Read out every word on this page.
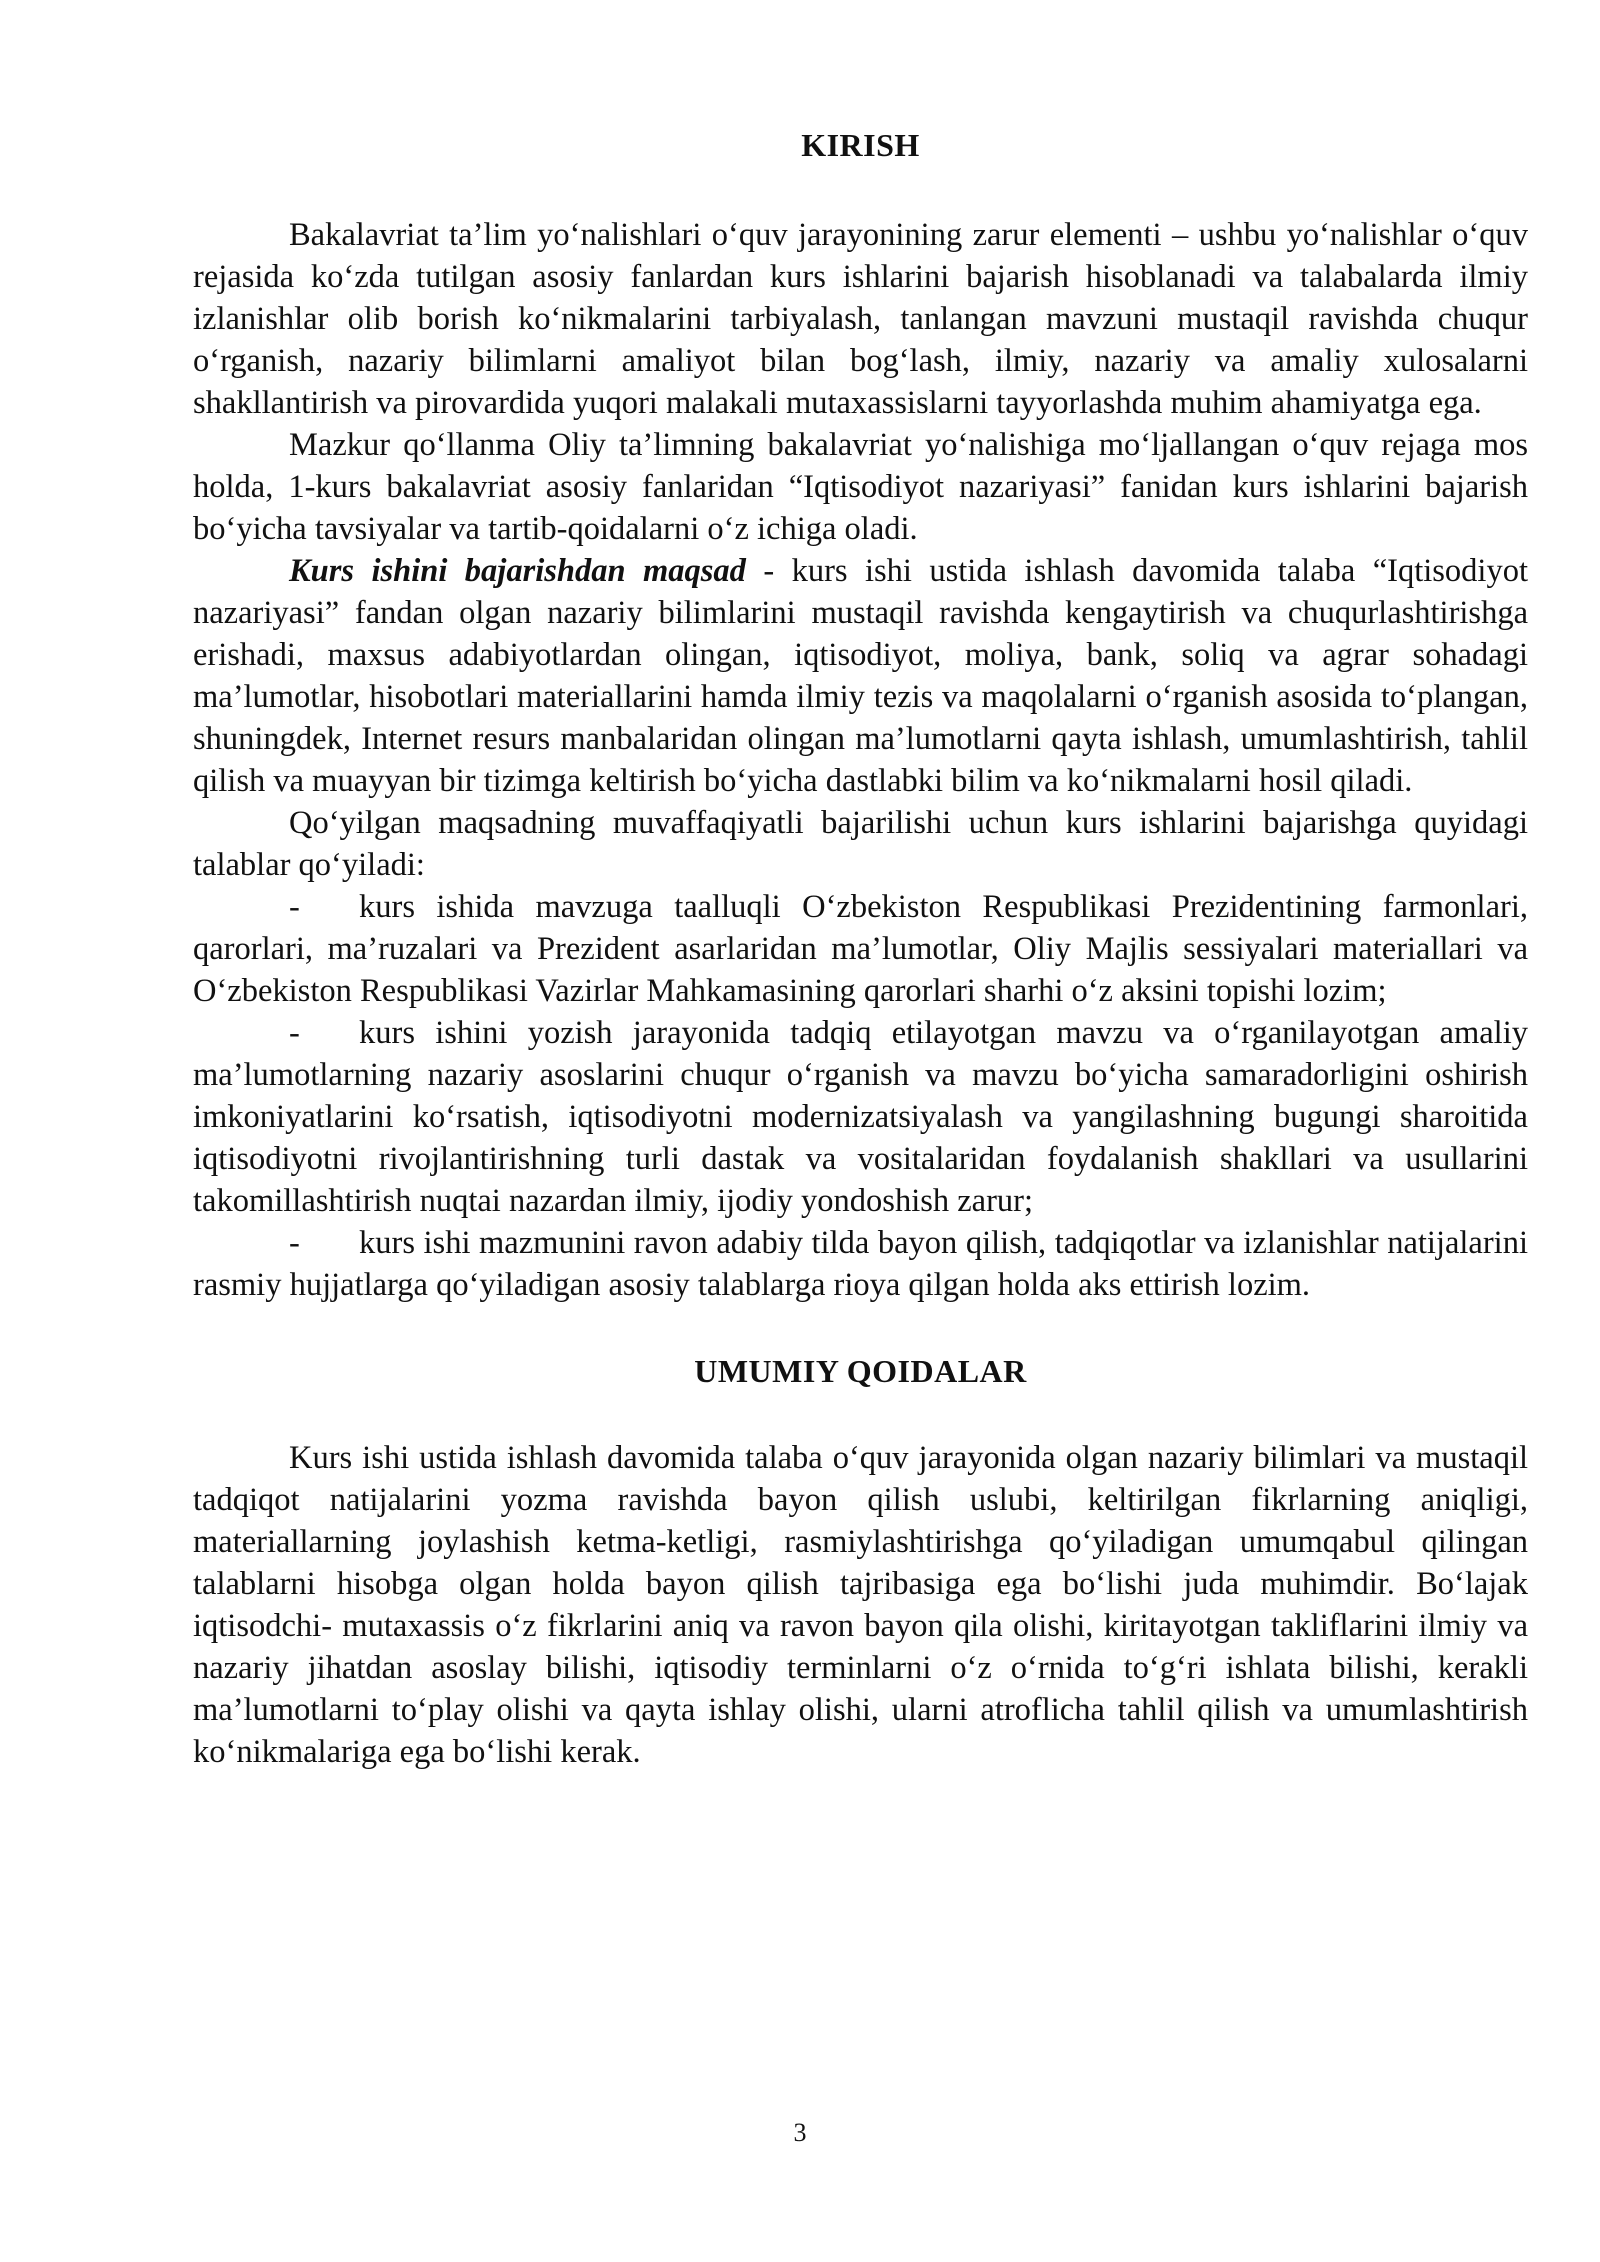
KIRISH

Bakalavriat ta’lim yo‘nalishlari o‘quv jarayonining zarur elementi – ushbu yo‘nalishlar o‘quv rejasida ko‘zda tutilgan asosiy fanlardan kurs ishlarini bajarish hisoblanadi va talabalarda ilmiy izlanishlar olib borish ko‘nikmalarini tarbiyalash, tanlangan mavzuni mustaqil ravishda chuqur o‘rganish, nazariy bilimlarni amaliyot bilan bog‘lash, ilmiy, nazariy va amaliy xulosalarni shakllantirish va pirovardida yuqori malakali mutaxassislarni tayyorlashda muhim ahamiyatga ega.

Mazkur qo‘llanma Oliy ta’limning bakalavriat yo‘nalishiga mo‘ljallangan o‘quv rejaga mos holda, 1-kurs bakalavriat asosiy fanlaridan “Iqtisodiyot nazariyasi” fanidan kurs ishlarini bajarish bo‘yicha tavsiyalar va tartib-qoidalarni o‘z ichiga oladi.

Kurs ishini bajarishdan maqsad - kurs ishi ustida ishlash davomida talaba “Iqtisodiyot nazariyasi” fandan olgan nazariy bilimlarini mustaqil ravishda kengaytirish va chuqurlashtirishga erishadi, maxsus adabiyotlardan olingan, iqtisodiyot, moliya, bank, soliq va agrar sohadagi ma’lumotlar, hisobotlari materiallarini hamda ilmiy tezis va maqolalarni o‘rganish asosida to‘plangan, shuningdek, Internet resurs manbalaridan olingan ma’lumotlarni qayta ishlash, umumlashtirish, tahlil qilish va muayyan bir tizimga keltirish bo‘yicha dastlabki bilim va ko‘nikmalarni hosil qiladi.

Qo‘yilgan maqsadning muvaffaqiyatli bajarilishi uchun kurs ishlarini bajarishga quyidagi talablar qo‘yiladi:

- kurs ishida mavzuga taalluqli O‘zbekiston Respublikasi Prezidentining farmonlari, qarorlari, ma’ruzalari va Prezident asarlaridan ma’lumotlar, Oliy Majlis sessiyalari materiallari va O‘zbekiston Respublikasi Vazirlar Mahkamasining qarorlari sharhi o‘z aksini topishi lozim;

- kurs ishini yozish jarayonida tadqiq etilayotgan mavzu va o‘rganilayotgan amaliy ma’lumotlarning nazariy asoslarini chuqur o‘rganish va mavzu bo‘yicha samaradorligini oshirish imkoniyatlarini ko‘rsatish, iqtisodiyotni modernizatsiyalash va yangilashning bugungi sharoitida iqtisodiyotni rivojlantirishning turli dastak va vositalaridan foydalanish shakllari va usullarini takomillashtirish nuqtai nazardan ilmiy, ijodiy yondoshish zarur;

- kurs ishi mazmunini ravon adabiy tilda bayon qilish, tadqiqotlar va izlanishlar natijalarini rasmiy hujjatlarga qo‘yiladigan asosiy talablarga rioya qilgan holda aks ettirish lozim.

UMUMIY QOIDALAR

Kurs ishi ustida ishlash davomida talaba o‘quv jarayonida olgan nazariy bilimlari va mustaqil tadqiqot natijalarini yozma ravishda bayon qilish uslubi, keltirilgan fikrlarning aniqligi, materiallarning joylashish ketma-ketligi, rasmiylashtirishga qo‘yiladigan umumqabul qilingan talablarni hisobga olgan holda bayon qilish tajribasiga ega bo‘lishi juda muhimdir. Bo‘lajak iqtisodchi- mutaxassis o‘z fikrlarini aniq va ravon bayon qila olishi, kiritayotgan takliflarini ilmiy va nazariy jihatdan asoslay bilishi, iqtisodiy terminlarni o‘z o‘rnida to‘g‘ri ishlata bilishi, kerakli ma’lumotlarni to‘play olishi va qayta ishlay olishi, ularni atroflicha tahlil qilish va umumlashtirish ko‘nikmalariga ega bo‘lishi kerak.

3
